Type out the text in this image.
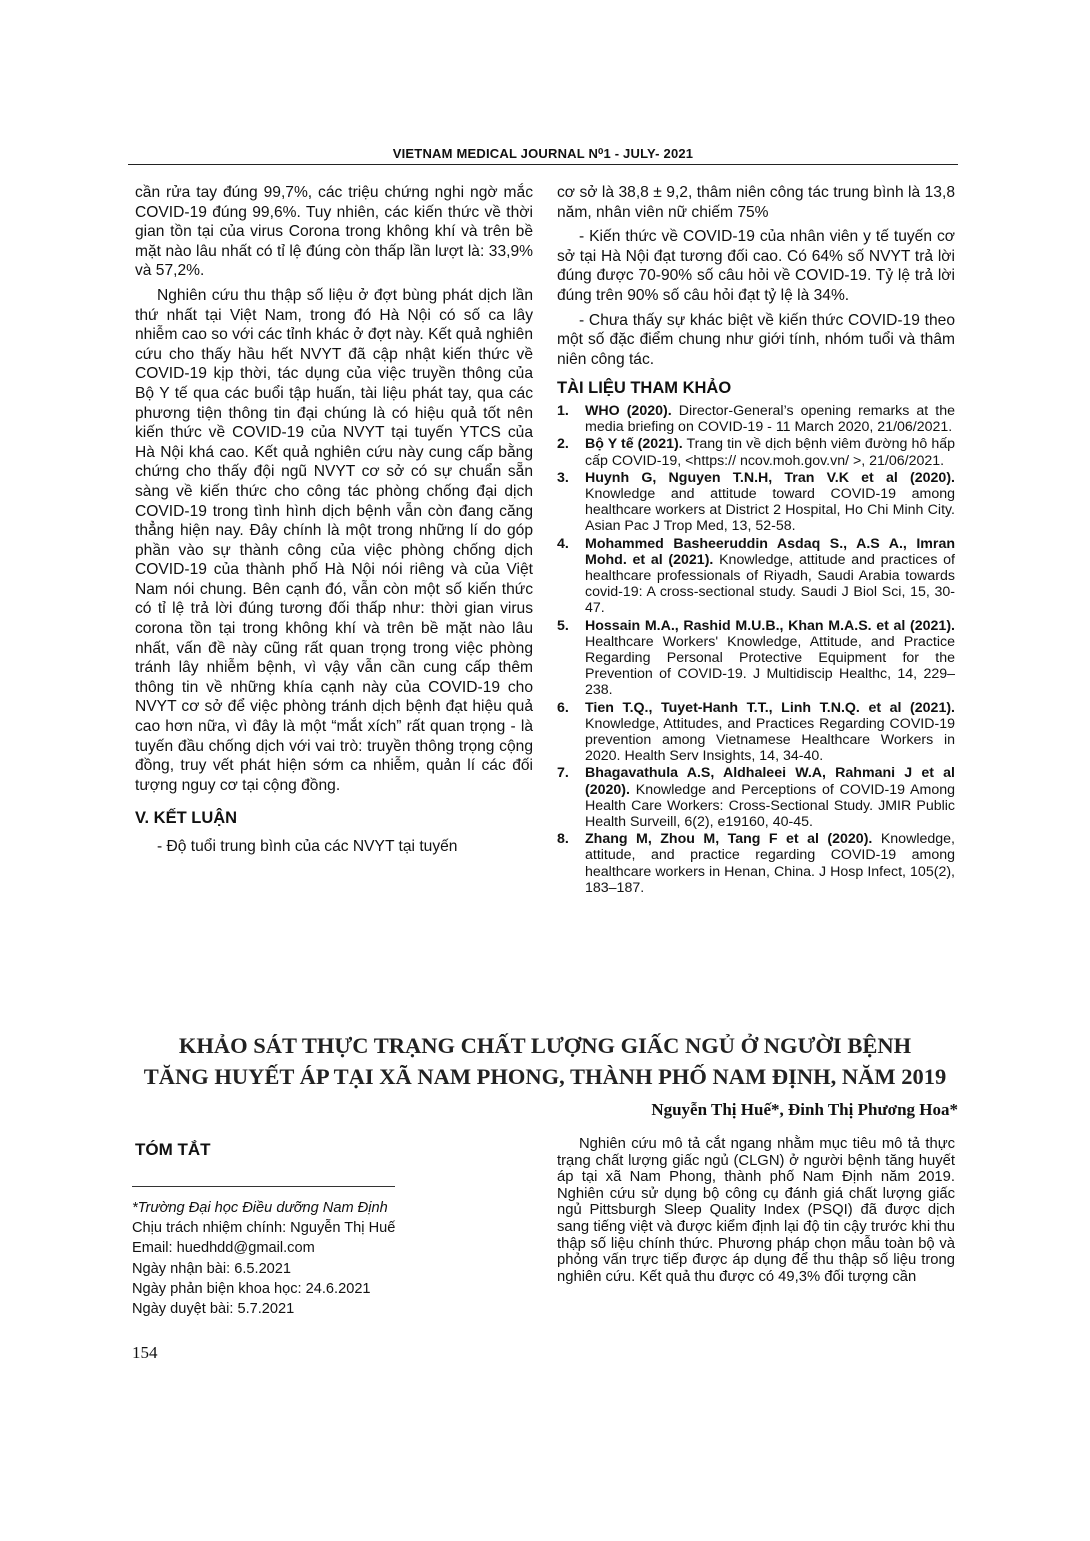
VIETNAM MEDICAL JOURNAL N⁰1 - JULY- 2021

cần rửa tay đúng 99,7%, các triệu chứng nghi ngờ mắc COVID-19 đúng 99,6%. Tuy nhiên, các kiến thức về thời gian tồn tại của virus Corona trong không khí và trên bề mặt nào lâu nhất có tỉ lệ đúng còn thấp lần lượt là: 33,9% và 57,2%.

Nghiên cứu thu thập số liệu ở đợt bùng phát dịch lần thứ nhất tại Việt Nam, trong đó Hà Nội có số ca lây nhiễm cao so với các tỉnh khác ở đợt này. Kết quả nghiên cứu cho thấy hầu hết NVYT đã cập nhật kiến thức về COVID-19 kịp thời, tác dụng của việc truyền thông của Bộ Y tế qua các buổi tập huấn, tài liệu phát tay, qua các phương tiện thông tin đại chúng là có hiệu quả tốt nên kiến thức về COVID-19 của NVYT tại tuyến YTCS của Hà Nội khá cao. Kết quả nghiên cứu này cung cấp bằng chứng cho thấy đội ngũ NVYT cơ sở có sự chuẩn sẵn sàng về kiến thức cho công tác phòng chống đại dịch COVID-19 trong tình hình dịch bệnh vẫn còn đang căng thẳng hiện nay. Đây chính là một trong những lí do góp phần vào sự thành công của việc phòng chống dịch COVID-19 của thành phố Hà Nội nói riêng và của Việt Nam nói chung. Bên cạnh đó, vẫn còn một số kiến thức có tỉ lệ trả lời đúng tương đối thấp như: thời gian virus corona tồn tại trong không khí và trên bề mặt nào lâu nhất, vấn đề này cũng rất quan trọng trong việc phòng tránh lây nhiễm bệnh, vì vậy vẫn cần cung cấp thêm thông tin về những khía cạnh này của COVID-19 cho NVYT cơ sở để việc phòng tránh dịch bệnh đạt hiệu quả cao hơn nữa, vì đây là một “mắt xích” rất quan trọng - là tuyến đầu chống dịch với vai trò: truyền thông trọng cộng đồng, truy vết phát hiện sớm ca nhiễm, quản lí các đối tượng nguy cơ tại cộng đồng.

V. KẾT LUẬN

- Độ tuổi trung bình của các NVYT tại tuyến

cơ sở là 38,8 ± 9,2, thâm niên công tác trung bình là 13,8 năm, nhân viên nữ chiếm 75%

- Kiến thức về COVID-19 của nhân viên y tế tuyến cơ sở tại Hà Nội đạt tương đối cao. Có 64% số NVYT trả lời đúng được 70-90% số câu hỏi về COVID-19. Tỷ lệ trả lời đúng trên 90% số câu hỏi đạt tỷ lệ là 34%.

- Chưa thấy sự khác biệt về kiến thức COVID-19 theo một số đặc điểm chung như giới tính, nhóm tuổi và thâm niên công tác.

TÀI LIỆU THAM KHẢO
1. WHO (2020). Director-General’s opening remarks at the media briefing on COVID-19 - 11 March 2020, 21/06/2021.
2. Bộ Y tế (2021). Trang tin về dịch bệnh viêm đường hô hấp cấp COVID-19, <https:// ncov.moh.gov.vn/ >, 21/06/2021.
3. Huynh G, Nguyen T.N.H, Tran V.K et al (2020). Knowledge and attitude toward COVID-19 among healthcare workers at District 2 Hospital, Ho Chi Minh City. Asian Pac J Trop Med, 13, 52-58.
4. Mohammed Basheeruddin Asdaq S., A.S A., Imran Mohd. et al (2021). Knowledge, attitude and practices of healthcare professionals of Riyadh, Saudi Arabia towards covid-19: A cross-sectional study. Saudi J Biol Sci, 15, 30-47.
5. Hossain M.A., Rashid M.U.B., Khan M.A.S. et al (2021). Healthcare Workers' Knowledge, Attitude, and Practice Regarding Personal Protective Equipment for the Prevention of COVID-19. J Multidiscip Healthc, 14, 229–238.
6. Tien T.Q., Tuyet-Hanh T.T., Linh T.N.Q. et al (2021). Knowledge, Attitudes, and Practices Regarding COVID-19 prevention among Vietnamese Healthcare Workers in 2020. Health Serv Insights, 14, 34-40.
7. Bhagavathula A.S, Aldhaleei W.A, Rahmani J et al (2020). Knowledge and Perceptions of COVID-19 Among Health Care Workers: Cross-Sectional Study. JMIR Public Health Surveill, 6(2), e19160, 40-45.
8. Zhang M, Zhou M, Tang F et al (2020). Knowledge, attitude, and practice regarding COVID-19 among healthcare workers in Henan, China. J Hosp Infect, 105(2), 183–187.
KHẢO SÁT THỰC TRẠNG CHẤT LƯỢNG GIẤC NGỦ Ở NGƯỜI BỆNH
TĂNG HUYẾT ÁP TẠI XÃ NAM PHONG, THÀNH PHỐ NAM ĐỊNH, NĂM 2019
Nguyễn Thị Huế*, Đinh Thị Phương Hoa*
TÓM TẮT
*Trường Đại học Điều dưỡng Nam Định
Chịu trách nhiệm chính: Nguyễn Thị Huế
Email: huedhdd@gmail.com
Ngày nhận bài: 6.5.2021
Ngày phản biện khoa học: 24.6.2021
Ngày duyệt bài: 5.7.2021

Nghiên cứu mô tả cắt ngang nhằm mục tiêu mô tả thực trạng chất lượng giấc ngủ (CLGN) ở người bệnh tăng huyết áp tại xã Nam Phong, thành phố Nam Định năm 2019. Nghiên cứu sử dụng bộ công cụ đánh giá chất lượng giấc ngủ Pittsburgh Sleep Quality Index (PSQI) đã được dịch sang tiếng việt và được kiểm định lại độ tin cậy trước khi thu thập số liệu chính thức. Phương pháp chọn mẫu toàn bộ và phỏng vấn trực tiếp được áp dụng để thu thập số liệu trong nghiên cứu. Kết quả thu được có 49,3% đối tượng cần

154
